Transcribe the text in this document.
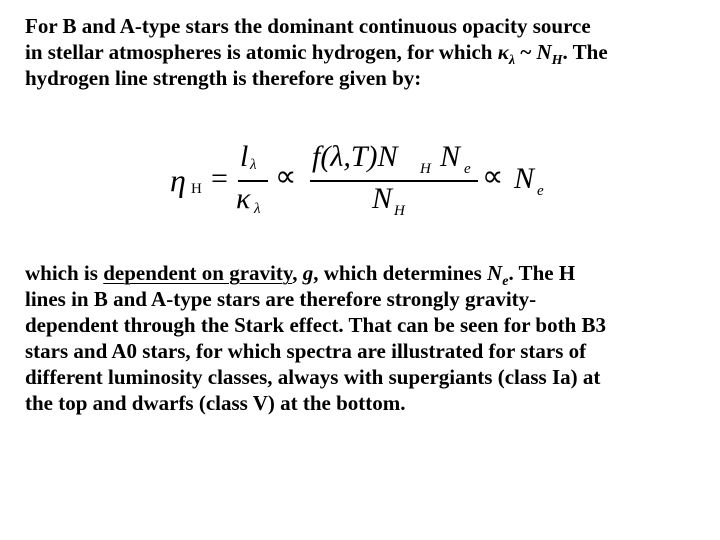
For B and A-type stars the dominant continuous opacity source
in stellar atmospheres is atomic hydrogen, for which $\kappa_\lambda$ ~ $N_H$. The
hydrogen line strength is therefore given by:

η H =
l λ
κ λ
∝
f(λ,T)N H N e
N H
∝ N e

which is dependent on gravity, g, which determines $N_e$. The H
lines in B and A-type stars are therefore strongly gravity-
dependent through the Stark effect. That can be seen for both B3
stars and A0 stars, for which spectra are illustrated for stars of
different luminosity classes, always with supergiants (class Ia) at
the top and dwarfs (class V) at the bottom.
